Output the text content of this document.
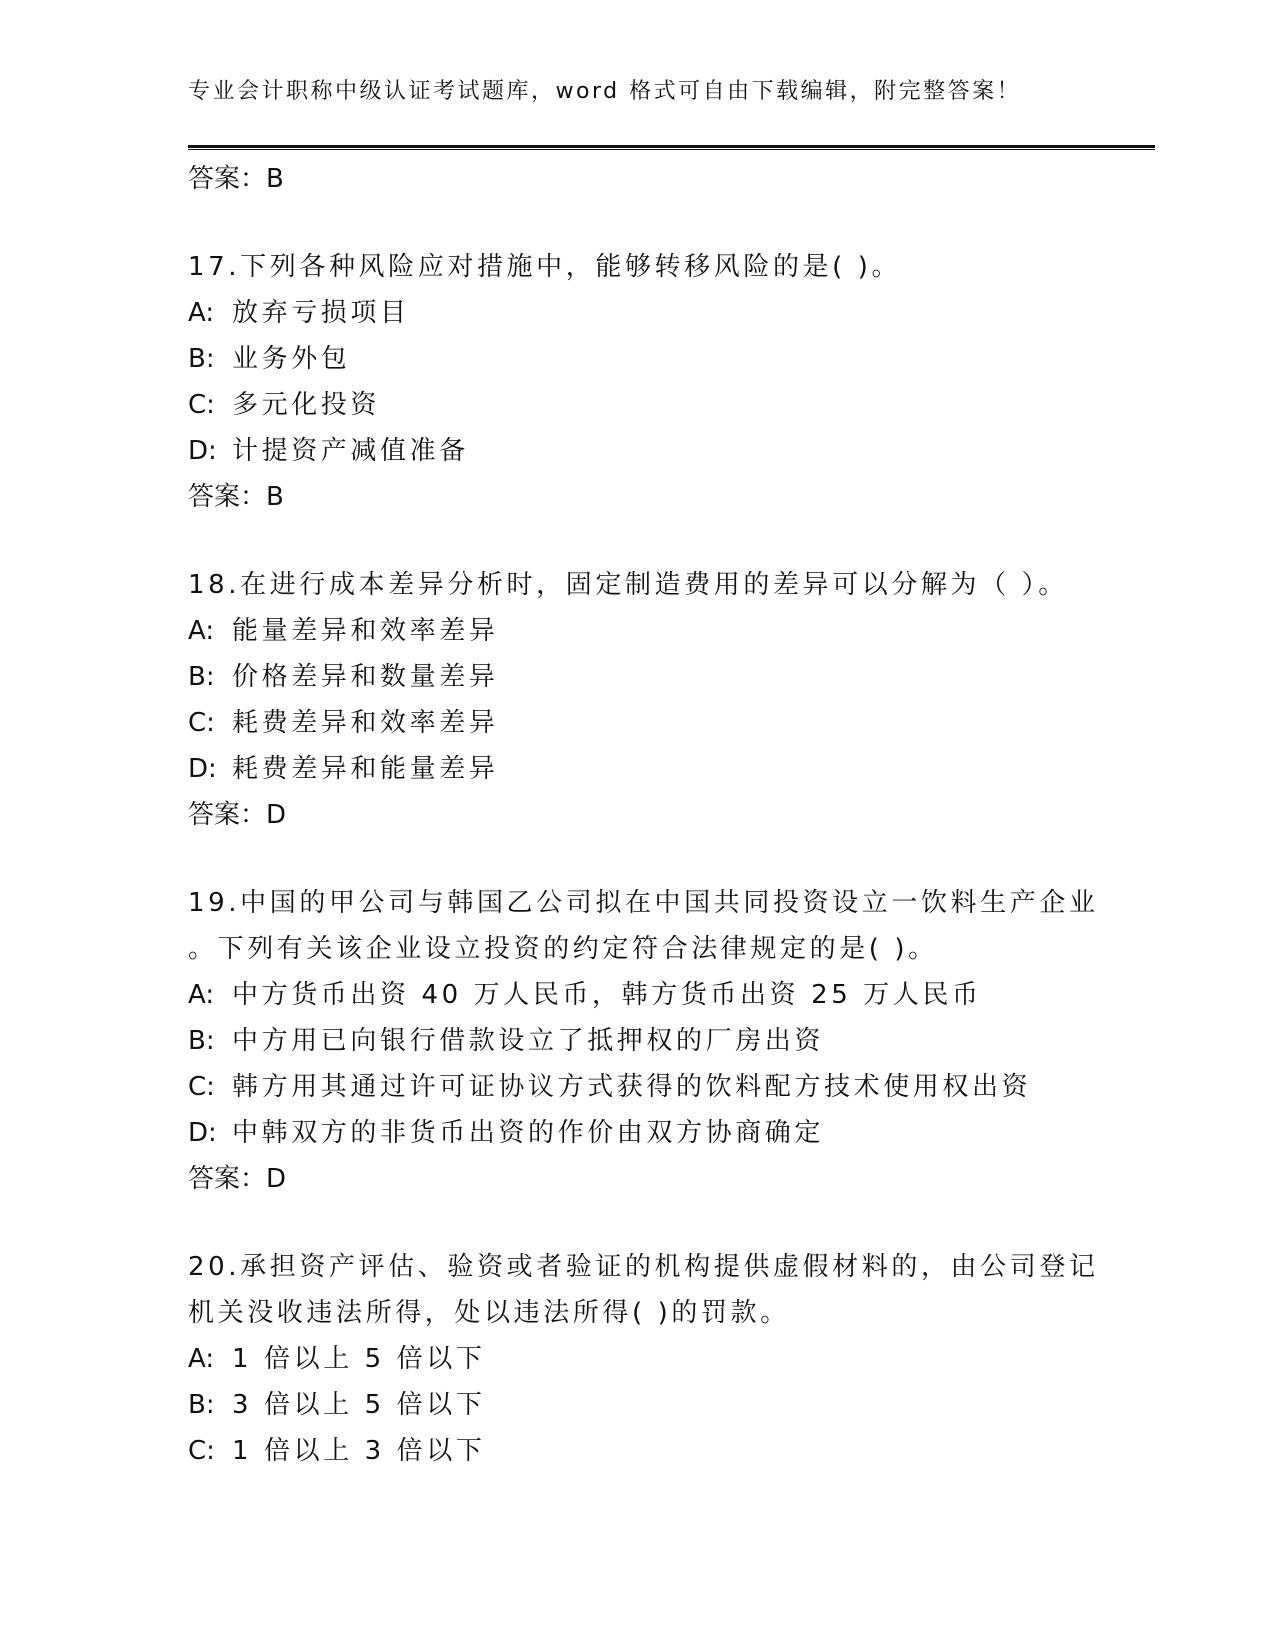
专业会计职称中级认证考试题库，word 格式可自由下载编辑，附完整答案！
答案：B
17.下列各种风险应对措施中，能够转移风险的是( )。
A: 放弃亏损项目
B: 业务外包
C: 多元化投资
D: 计提资产减值准备
答案：B
18.在进行成本差异分析时，固定制造费用的差异可以分解为（ ）。
A: 能量差异和效率差异
B: 价格差异和数量差异
C: 耗费差异和效率差异
D: 耗费差异和能量差异
答案：D
19.中国的甲公司与韩国乙公司拟在中国共同投资设立一饮料生产企业
。下列有关该企业设立投资的约定符合法律规定的是( )。
A: 中方货币出资 40 万人民币，韩方货币出资 25 万人民币
B: 中方用已向银行借款设立了抵押权的厂房出资
C: 韩方用其通过许可证协议方式获得的饮料配方技术使用权出资
D: 中韩双方的非货币出资的作价由双方协商确定
答案：D
20.承担资产评估、验资或者验证的机构提供虚假材料的，由公司登记
机关没收违法所得，处以违法所得( )的罚款。
A: 1 倍以上 5 倍以下
B: 3 倍以上 5 倍以下
C: 1 倍以上 3 倍以下
